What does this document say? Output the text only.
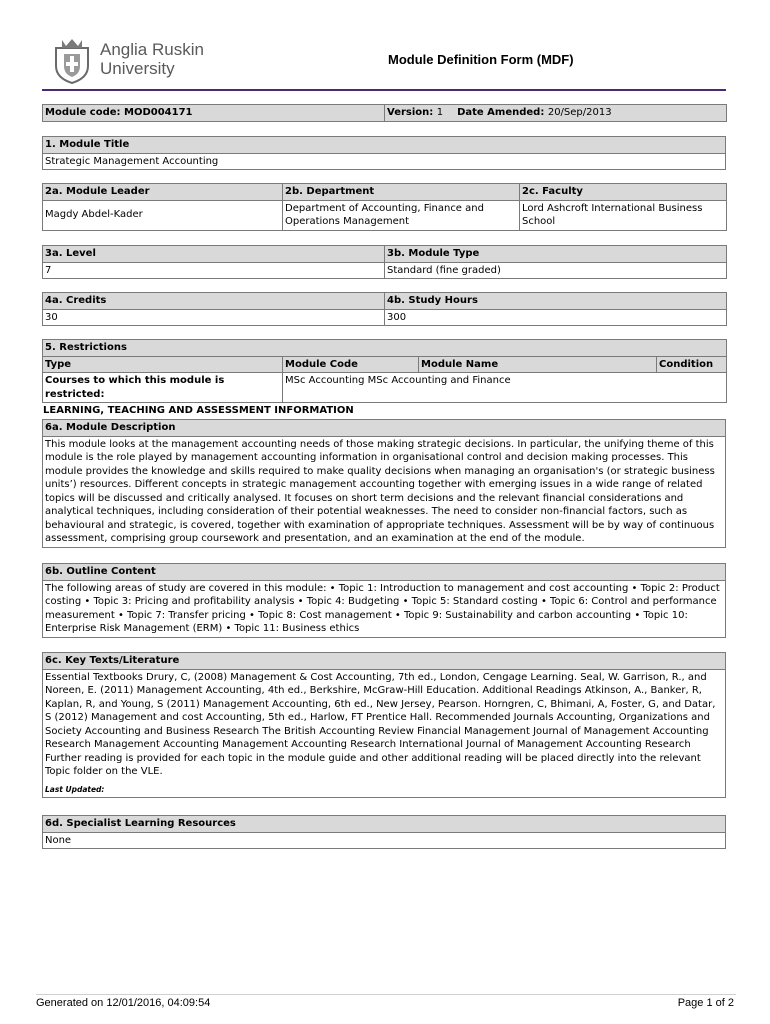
Anglia Ruskin
University	Module Definition Form (MDF)
Module code: MOD004171	Version: 1 Date Amended: 20/Sep/2013
1. Module Title
Strategic Management Accounting
2a. Module Leader	2b. Department	2c. Faculty
Magdy Abdel-Kader	Department of Accounting, Finance and Operations Management	Lord Ashcroft International Business School
3a. Level	3b. Module Type
7	Standard (fine graded)
4a. Credits	4b. Study Hours
30	300
5. Restrictions			
Type	Module Code	Module Name	Condition
Courses to which this module is restricted:	MSc Accounting MSc Accounting and Finance		
LEARNING, TEACHING AND ASSESSMENT INFORMATION
6a. Module Description
This module looks at the management accounting needs of those making strategic decisions. In particular, the unifying theme of this module is the role played by management accounting information in organisational control and decision making processes. This module provides the knowledge and skills required to make quality decisions when managing an organisation's (or strategic business units’) resources. Different concepts in strategic management accounting together with emerging issues in a wide range of related topics will be discussed and critically analysed. It focuses on short term decisions and the relevant financial considerations and analytical techniques, including consideration of their potential weaknesses. The need to consider non-financial factors, such as behavioural and strategic, is covered, together with examination of appropriate techniques. Assessment will be by way of continuous assessment, comprising group coursework and presentation, and an examination at the end of the module.
6b. Outline Content
The following areas of study are covered in this module: • Topic 1: Introduction to management and cost accounting • Topic 2: Product costing • Topic 3: Pricing and profitability analysis • Topic 4: Budgeting • Topic 5: Standard costing • Topic 6: Control and performance measurement • Topic 7: Transfer pricing • Topic 8: Cost management • Topic 9: Sustainability and carbon accounting • Topic 10: Enterprise Risk Management (ERM) • Topic 11: Business ethics
6c. Key Texts/Literature

Essential Textbooks Drury, C, (2008) Management & Cost Accounting, 7th ed., London, Cengage Learning. Seal, W. Garrison, R., and Noreen, E. (2011) Management Accounting, 4th ed., Berkshire, McGraw-Hill Education. Additional Readings Atkinson, A., Banker, R, Kaplan, R, and Young, S (2011) Management Accounting, 6th ed., New Jersey, Pearson. Horngren, C, Bhimani, A, Foster, G, and Datar, S (2012) Management and cost Accounting, 5th ed., Harlow, FT Prentice Hall. Recommended Journals Accounting, Organizations and Society Accounting and Business Research The British Accounting Review Financial Management Journal of Management Accounting Research Management Accounting Management Accounting Research International Journal of Management Accounting Research Further reading is provided for each topic in the module guide and other additional reading will be placed directly into the relevant Topic folder on the VLE.
Last Updated:
6d. Specialist Learning Resources
None
Generated on 12/01/2016, 04:09:54	Page 1 of 2
